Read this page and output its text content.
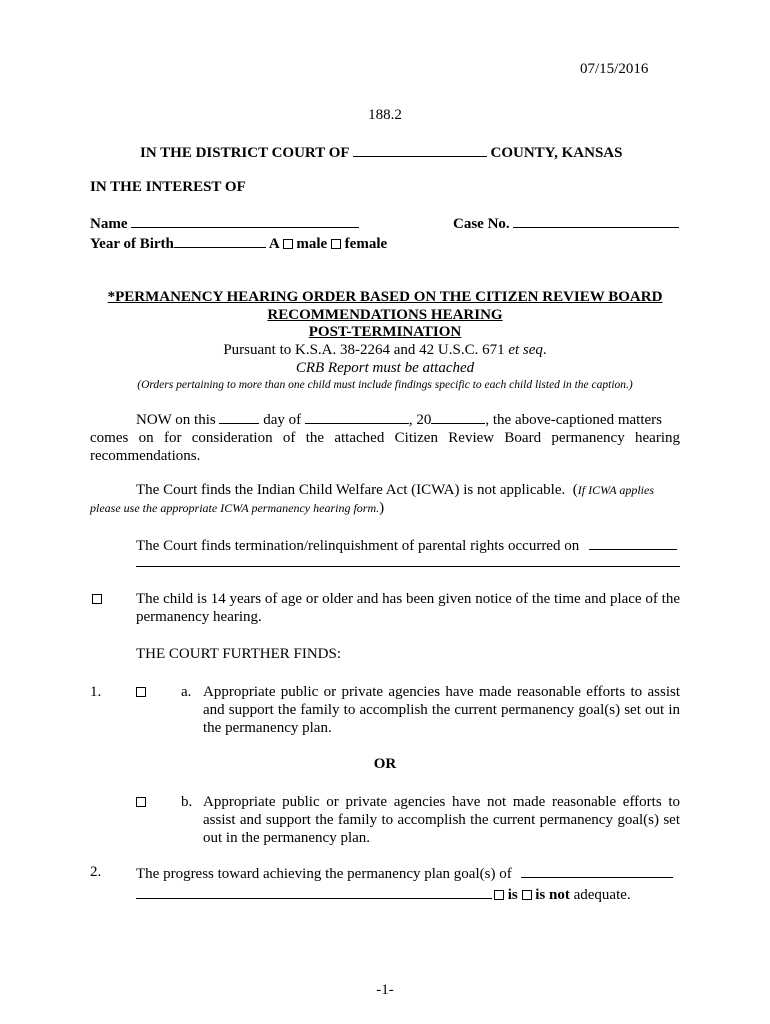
07/15/2016
188.2
IN THE DISTRICT COURT OF	COUNTY, KANSAS
IN THE INTEREST OF
Name	Case No.
Year of Birth	A male female
*PERMANENCY HEARING ORDER BASED ON THE CITIZEN REVIEW BOARD
RECOMMENDATIONS HEARING
POST-TERMINATION
Pursuant to K.S.A. 38-2264 and 42 U.S.C. 671 et seq.
CRB Report must be attached
(Orders pertaining to more than one child must include findings specific to each child listed in the caption.)
NOW on this	day of	, 20	, the above-captioned matters
comes on for consideration of the attached Citizen Review Board permanency hearing recommendations.
The Court finds the Indian Child Welfare Act (ICWA) is not applicable.  (If ICWA applies
please use the appropriate ICWA permanency hearing form.)
The Court finds termination/relinquishment of parental rights occurred on
The child is 14 years of age or older and has been given notice of the time and place of the permanency hearing.
THE COURT FURTHER FINDS:
1.	a. Appropriate public or private agencies have made reasonable efforts to assist and support the family to accomplish the current permanency goal(s) set out in the permanency plan.
OR
b. Appropriate public or private agencies have not made reasonable efforts to assist and support the family to accomplish the current permanency goal(s) set out in the permanency plan.
2. The progress toward achieving the permanency plan goal(s) of
is is not adequate.
-1-
